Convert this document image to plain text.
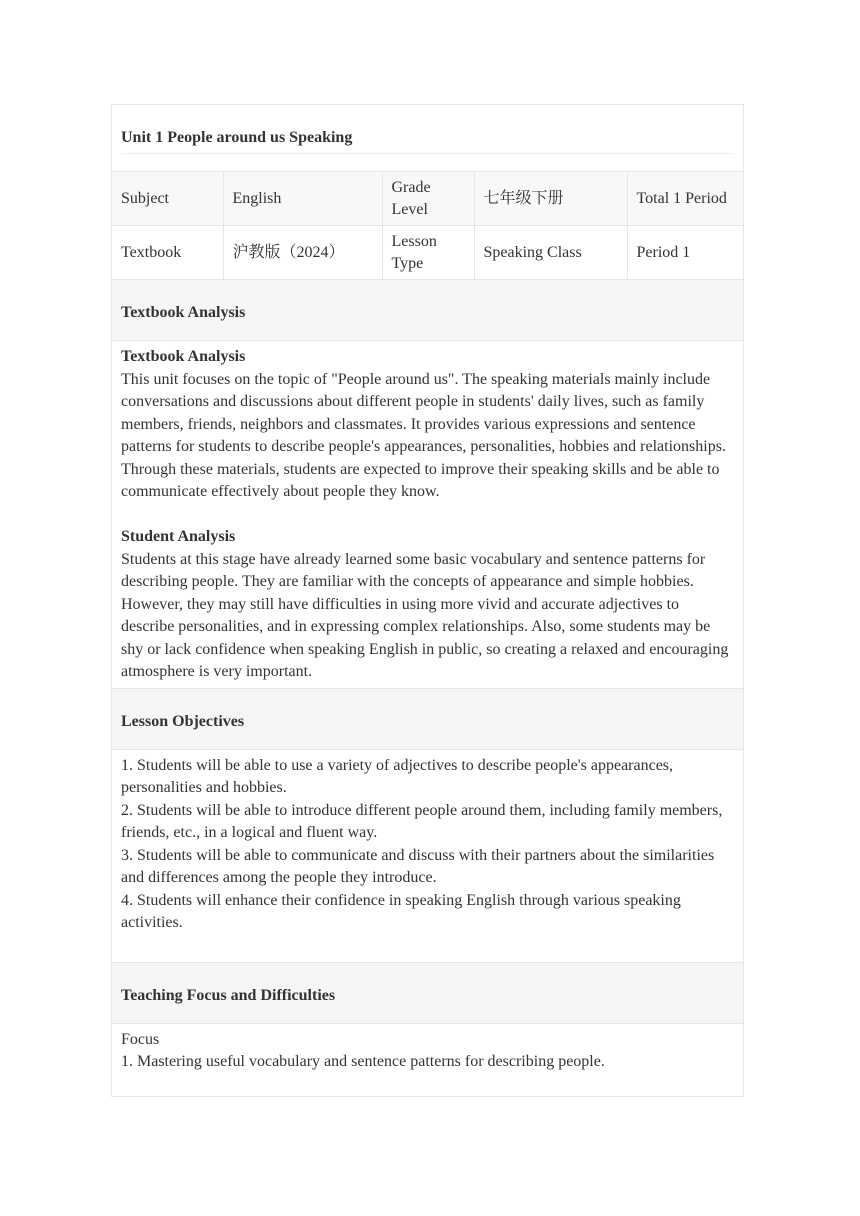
Unit 1 People around us Speaking
Subject	English	Grade Level	七年级下册	Total 1 Period
Textbook	沪教版（2024）	Lesson Type	Speaking Class	Period 1
Textbook Analysis

Textbook Analysis

This unit focuses on the topic of "People around us". The speaking materials mainly include conversations and discussions about different people in students' daily lives, such as family members, friends, neighbors and classmates. It provides various expressions and sentence patterns for students to describe people's appearances, personalities, hobbies and relationships. Through these materials, students are expected to improve their speaking skills and be able to communicate effectively about people they know.

Student Analysis

Students at this stage have already learned some basic vocabulary and sentence patterns for describing people. They are familiar with the concepts of appearance and simple hobbies. However, they may still have difficulties in using more vivid and accurate adjectives to describe personalities, and in expressing complex relationships. Also, some students may be shy or lack confidence when speaking English in public, so creating a relaxed and encouraging atmosphere is very important.

Lesson Objectives

1. Students will be able to use a variety of adjectives to describe people's appearances, personalities and hobbies.

2. Students will be able to introduce different people around them, including family members, friends, etc., in a logical and fluent way.

3. Students will be able to communicate and discuss with their partners about the similarities and differences among the people they introduce.

4. Students will enhance their confidence in speaking English through various speaking activities.

Teaching Focus and Difficulties

Focus

1. Mastering useful vocabulary and sentence patterns for describing people.
